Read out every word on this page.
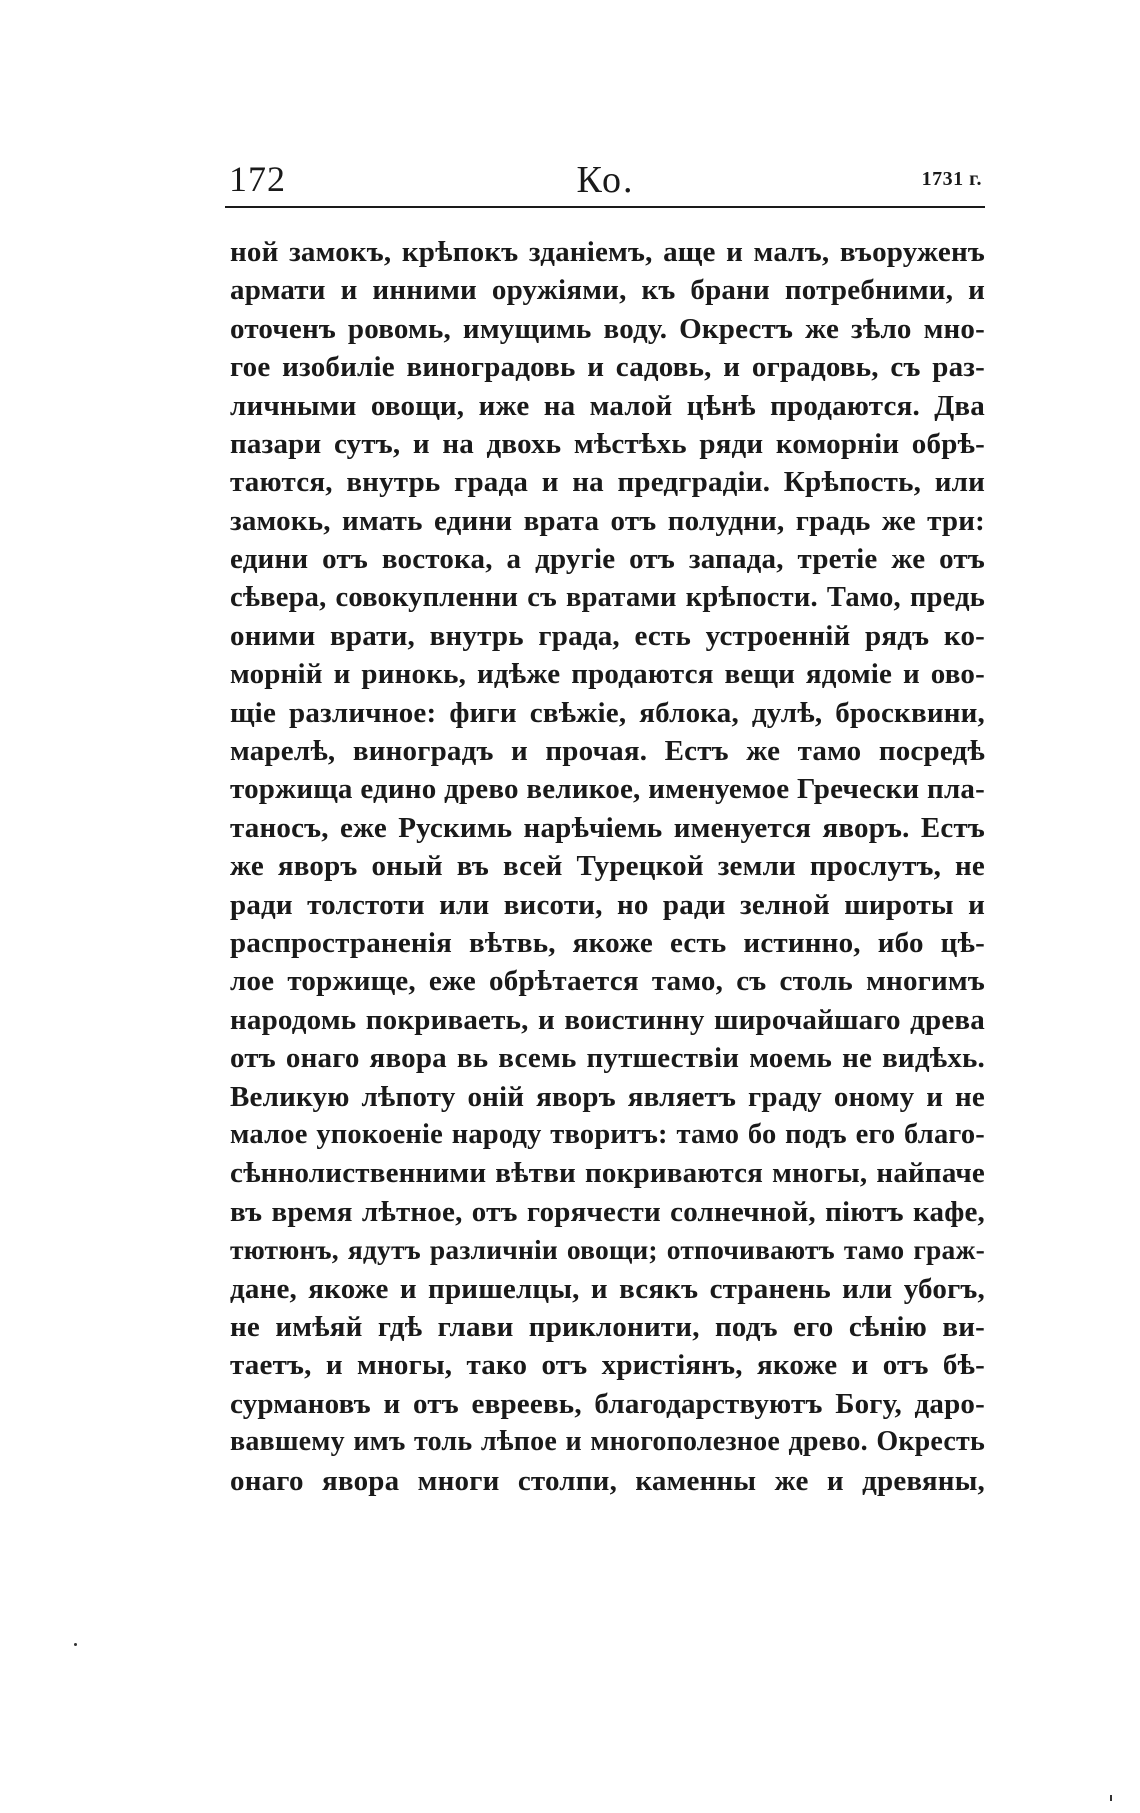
172	Ко.	1731 г.
ной замокъ, крѣпокъ зданіемъ, аще и малъ, въоруженъ
армати и инними оружіями, къ брани потребними, и
оточенъ ровомь, имущимь воду. Окрестъ же зѣло мно-
гое изобиліе виноградовь и садовь, и оградовь, съ раз-
личными овощи, иже на малой цѣнѣ продаются. Два
пазари сутъ, и на двохь мѣстѣхь ряди коморніи обрѣ-
таются, внутрь града и на предградіи. Крѣпость, или
замокь, имать едини врата отъ полудни, градь же три:
едини отъ востока, а другіе отъ запада, третіе же отъ
сѣвера, совокупленни съ вратами крѣпости. Тамо, предь
оними врати, внутрь града, есть устроенній рядъ ко-
морній и ринокь, идѣже продаются вещи ядоміе и ово-
щіе различное: фиги свѣжіе, яблока, дулѣ, бросквини,
марелѣ, виноградъ и прочая. Естъ же тамо посредѣ
торжища едино древо великое, именуемое Гречески пла-
таносъ, еже Рускимь нарѣчіемь именуется яворъ. Естъ
же яворъ оный въ всей Турецкой земли прослутъ, не
ради толстоти или висоти, но ради зелной широты и
распространенія вѣтвь, якоже есть истинно, ибо цѣ-
лое торжище, еже обрѣтается тамо, съ столь многимъ
народомь покриваеть, и воистинну широчайшаго древа
отъ онаго явора вь всемь путшествіи моемь не видѣхь.
Великую лѣпоту оній яворъ являетъ граду оному и не
малое упокоеніе народу творитъ: тамо бо подъ его благо-
сѣннолиственними вѣтви покриваются многы, найпаче
въ время лѣтное, отъ горячести солнечной, піютъ кафе,
тютюнъ, ядутъ различніи овощи; отпочиваютъ тамо граж-
дане, якоже и пришелцы, и всякъ странень или убогъ,
не имѣяй гдѣ глави приклонити, подъ его сѣнію ви-
таетъ, и многы, тако отъ христіянъ, якоже и отъ бѣ-
сурмановъ и отъ евреевь, благодарствуютъ Богу, даро-
вавшему имъ толь лѣпое и многополезное древо. Окресть
онаго явора многи столпи, каменны же и древяны,
